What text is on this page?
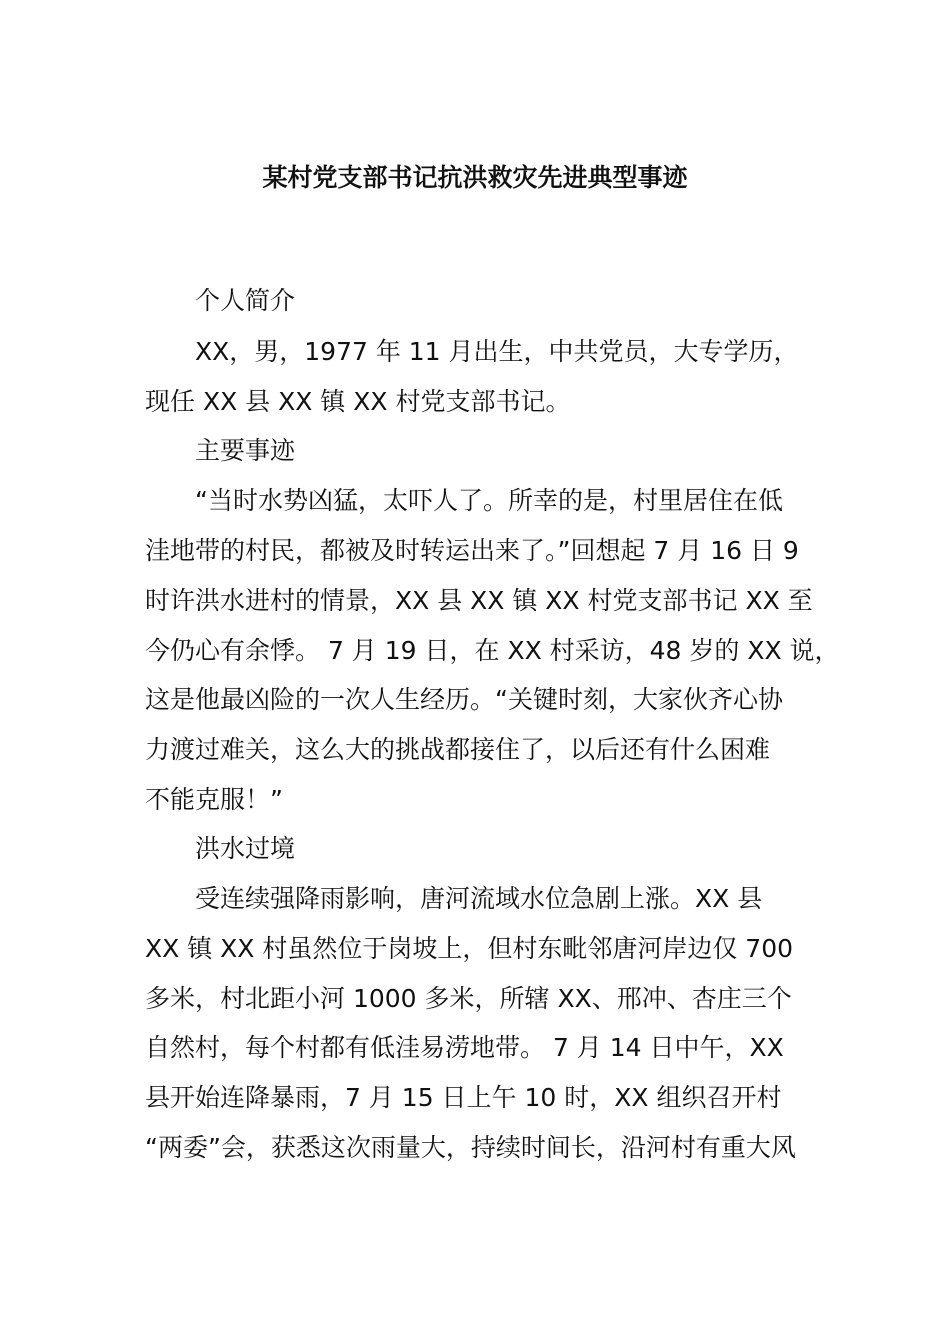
某村党支部书记抗洪救灾先进典型事迹

个人简介

XX，男，1977 年 11 月出生，中共党员，大专学历，

现任 XX 县 XX 镇 XX 村党支部书记。

主要事迹

“当时水势凶猛，太吓人了。所幸的是，村里居住在低

洼地带的村民，都被及时转运出来了。”回想起 7 月 16 日 9

时许洪水进村的情景，XX 县 XX 镇 XX 村党支部书记 XX 至

今仍心有余悸。 7 月 19 日，在 XX 村采访，48 岁的 XX 说，

这是他最凶险的一次人生经历。“关键时刻，大家伙齐心协

力渡过难关，这么大的挑战都接住了，以后还有什么困难

不能克服！”

洪水过境

受连续强降雨影响，唐河流域水位急剧上涨。XX 县

XX 镇 XX 村虽然位于岗坡上，但村东毗邻唐河岸边仅 700

多米，村北距小河 1000 多米，所辖 XX、邢冲、杏庄三个

自然村，每个村都有低洼易涝地带。 7 月 14 日中午，XX

县开始连降暴雨，7 月 15 日上午 10 时，XX 组织召开村

“两委”会，获悉这次雨量大，持续时间长，沿河村有重大风
